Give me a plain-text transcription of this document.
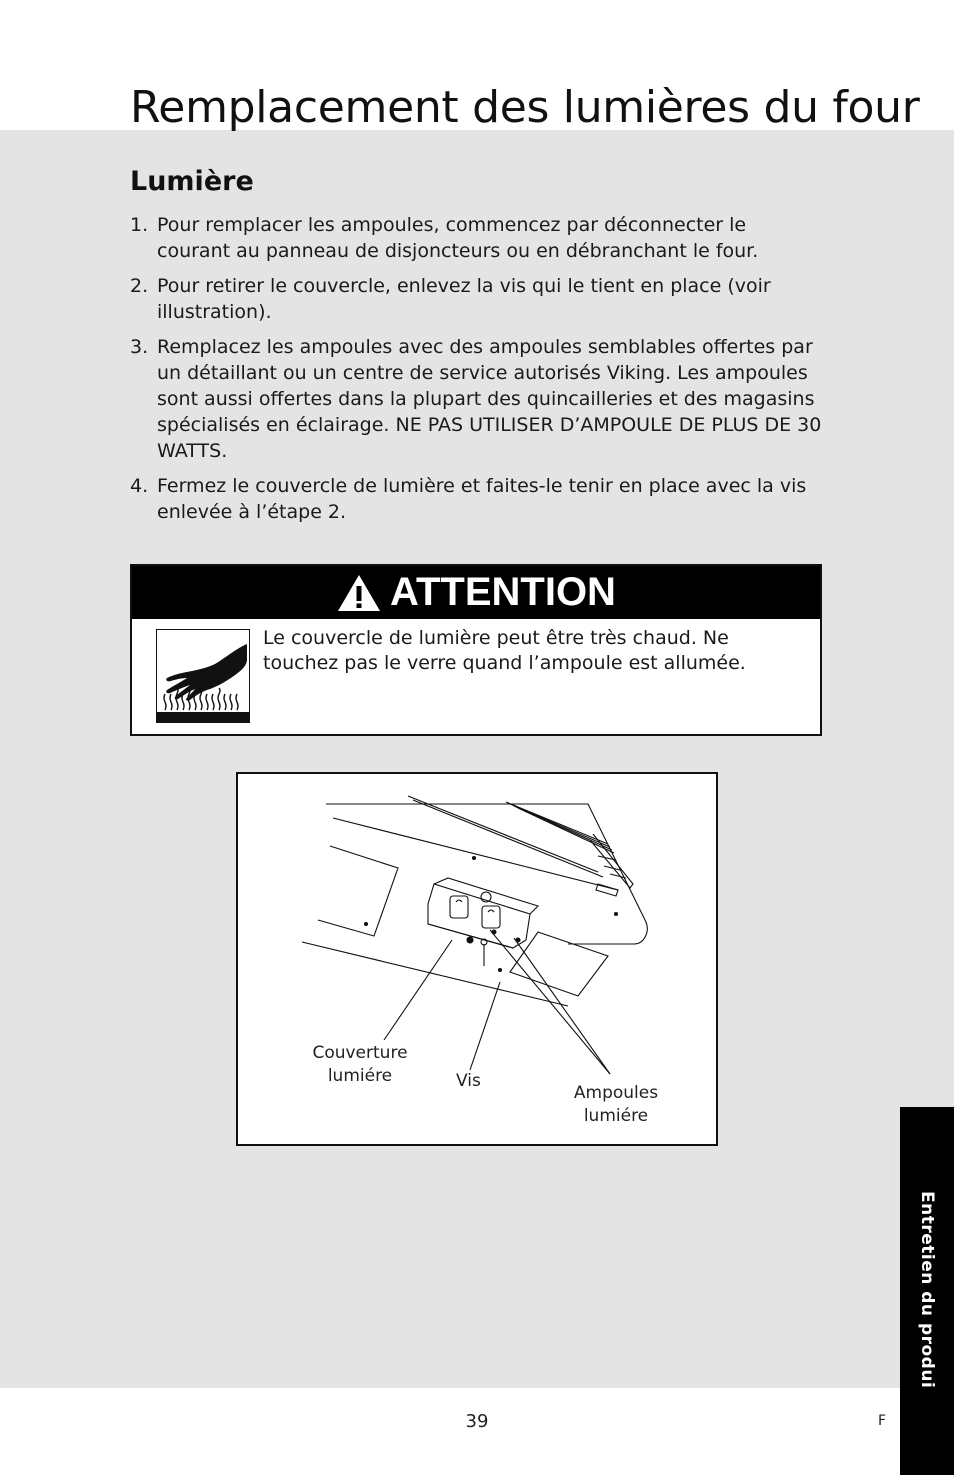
Remplacement des lumières du four
Lumière
1. Pour remplacer les ampoules, commencez par déconnecter le courant au panneau de disjoncteurs ou en débranchant le four.
2. Pour retirer le couvercle, enlevez la vis qui le tient en place (voir illustration).
3. Remplacez les ampoules avec des ampoules semblables offertes par un détaillant ou un centre de service autorisés Viking. Les ampoules sont aussi offertes dans la plupart des quincailleries et des magasins spécialisés en éclairage. NE PAS UTILISER D’AMPOULE DE PLUS DE 30 WATTS.
4. Fermez le couvercle de lumière et faites-le tenir en place avec la vis enlevée à l’étape 2.
ATTENTION
Le couvercle de lumière peut être très chaud. Ne touchez pas le verre quand l’ampoule est allumée.
Couverture lumiére	Vis
Ampoules lumiére
Entretien du produi
39	F
